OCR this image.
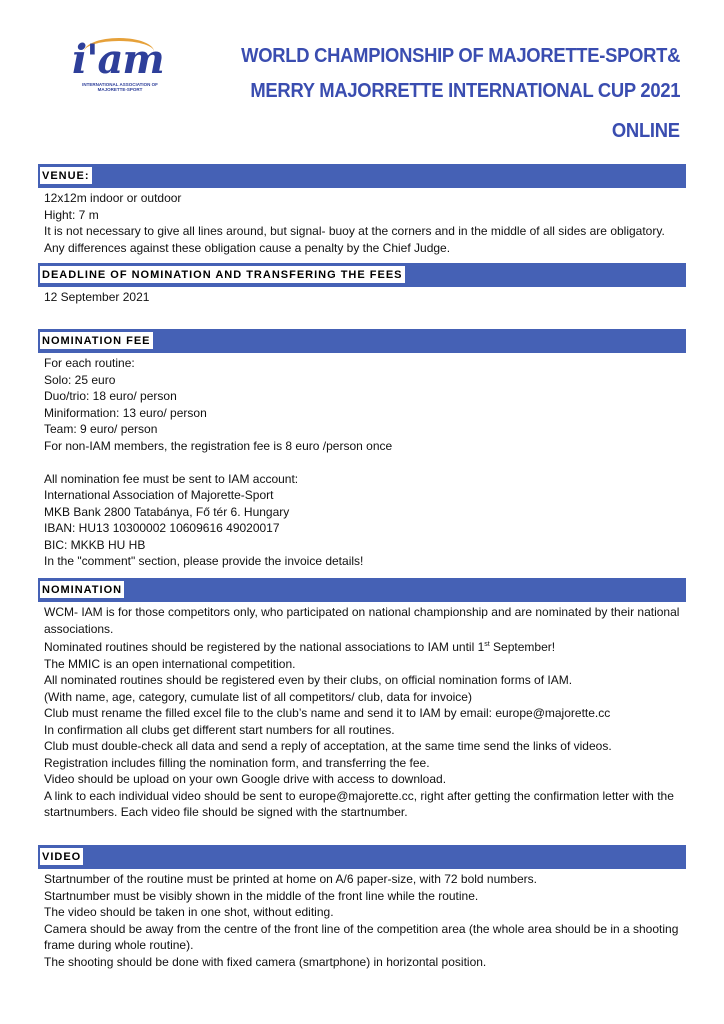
i'am
INTERNATIONAL ASSOCIATION OF MAJORETTE-SPORT
WORLD CHAMPIONSHIP OF MAJORETTE-SPORT&
MERRY MAJORRETTE INTERNATIONAL CUP 2021
ONLINE
VENUE:
12x12m indoor or outdoor
Hight: 7 m
It is not necessary to give all lines around, but signal- buoy at the corners and in the middle of all sides are obligatory.
Any differences against these obligation cause a penalty by the Chief Judge.
DEADLINE OF NOMINATION AND TRANSFERING THE FEES
12 September 2021
NOMINATION FEE
For each routine:
Solo: 25 euro
Duo/trio: 18 euro/ person
Miniformation: 13 euro/ person
Team: 9 euro/ person
For non-IAM members, the registration fee is 8 euro /person once
All nomination fee must be sent to IAM account:
International Association of Majorette-Sport
MKB Bank 2800 Tatabánya, Fő tér 6. Hungary
IBAN: HU13 10300002 10609616 49020017
BIC: MKKB HU HB
In the "comment" section, please provide the invoice details!
NOMINATION
WCM- IAM is for those competitors only, who participated on national championship and are nominated by their national
associations.
Nominated routines should be registered by the national associations to IAM until 1st September!
The MMIC is an open international competition.
All nominated routines should be registered even by their clubs, on official nomination forms of IAM.
(With name, age, category, cumulate list of all competitors/ club, data for invoice)
Club must rename the filled excel file to the club’s name and send it to IAM by email: europe@majorette.cc
In confirmation all clubs get different start numbers for all routines.
Club must double-check all data and send a reply of acceptation, at the same time send the links of videos.
Registration includes filling the nomination form, and transferring the fee.
Video should be upload on your own Google drive with access to download.
A link to each individual video should be sent to europe@majorette.cc, right after getting the confirmation letter with the
startnumbers. Each video file should be signed with the startnumber.
VIDEO
Startnumber of the routine must be printed at home on A/6 paper-size, with 72 bold numbers.
Startnumber must be visibly shown in the middle of the front line while the routine.
The video should be taken in one shot, without editing.
Camera should be away from the centre of the front line of the competition area (the whole area should be in a shooting
frame during whole routine).
The shooting should be done with fixed camera (smartphone) in horizontal position.
